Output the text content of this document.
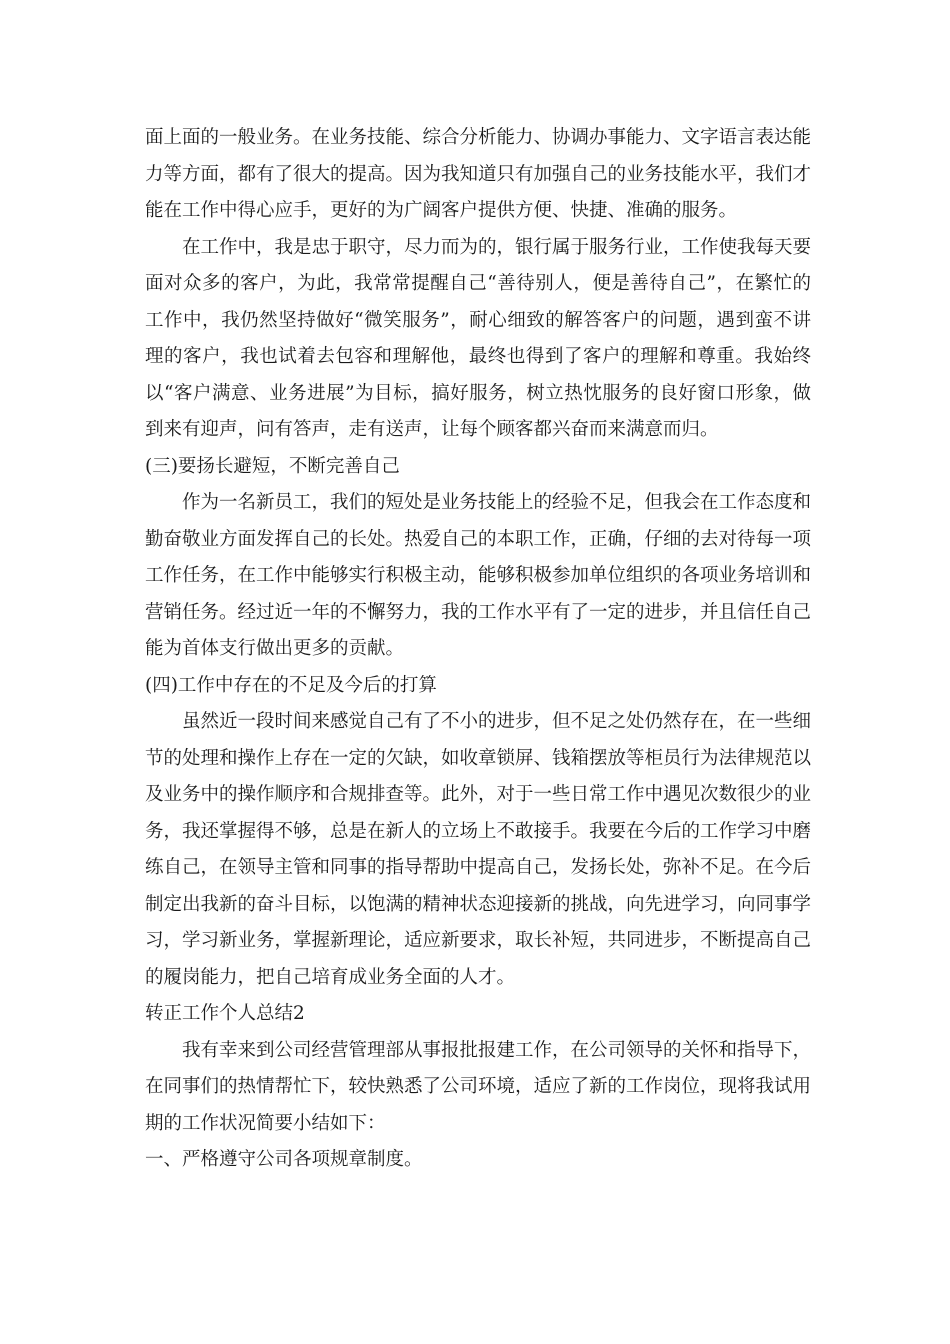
面上面的一般业务。在业务技能、综合分析能力、协调办事能力、文字语言表达能力等方面，都有了很大的提高。因为我知道只有加强自己的业务技能水平，我们才能在工作中得心应手，更好的为广阔客户提供方便、快捷、准确的服务。

在工作中，我是忠于职守，尽力而为的，银行属于服务行业，工作使我每天要面对众多的客户，为此，我常常提醒自己“善待别人，便是善待自己”，在繁忙的工作中，我仍然坚持做好“微笑服务”，耐心细致的解答客户的问题，遇到蛮不讲理的客户，我也试着去包容和理解他，最终也得到了客户的理解和尊重。我始终以“客户满意、业务进展”为目标，搞好服务，树立热忱服务的良好窗口形象，做到来有迎声，问有答声，走有送声，让每个顾客都兴奋而来满意而归。

(三)要扬长避短，不断完善自己

作为一名新员工，我们的短处是业务技能上的经验不足，但我会在工作态度和勤奋敬业方面发挥自己的长处。热爱自己的本职工作，正确，仔细的去对待每一项工作任务，在工作中能够实行积极主动，能够积极参加单位组织的各项业务培训和营销任务。经过近一年的不懈努力，我的工作水平有了一定的进步，并且信任自己能为首体支行做出更多的贡献。

(四)工作中存在的不足及今后的打算

虽然近一段时间来感觉自己有了不小的进步，但不足之处仍然存在，在一些细节的处理和操作上存在一定的欠缺，如收章锁屏、钱箱摆放等柜员行为法律规范以及业务中的操作顺序和合规排查等。此外，对于一些日常工作中遇见次数很少的业务，我还掌握得不够，总是在新人的立场上不敢接手。我要在今后的工作学习中磨练自己，在领导主管和同事的指导帮助中提高自己，发扬长处，弥补不足。在今后制定出我新的奋斗目标，以饱满的精神状态迎接新的挑战，向先进学习，向同事学习，学习新业务，掌握新理论，适应新要求，取长补短，共同进步，不断提高自己的履岗能力，把自己培育成业务全面的人才。

转正工作个人总结2

我有幸来到公司经营管理部从事报批报建工作，在公司领导的关怀和指导下，在同事们的热情帮忙下，较快熟悉了公司环境，适应了新的工作岗位，现将我试用期的工作状况简要小结如下：

一、严格遵守公司各项规章制度。
